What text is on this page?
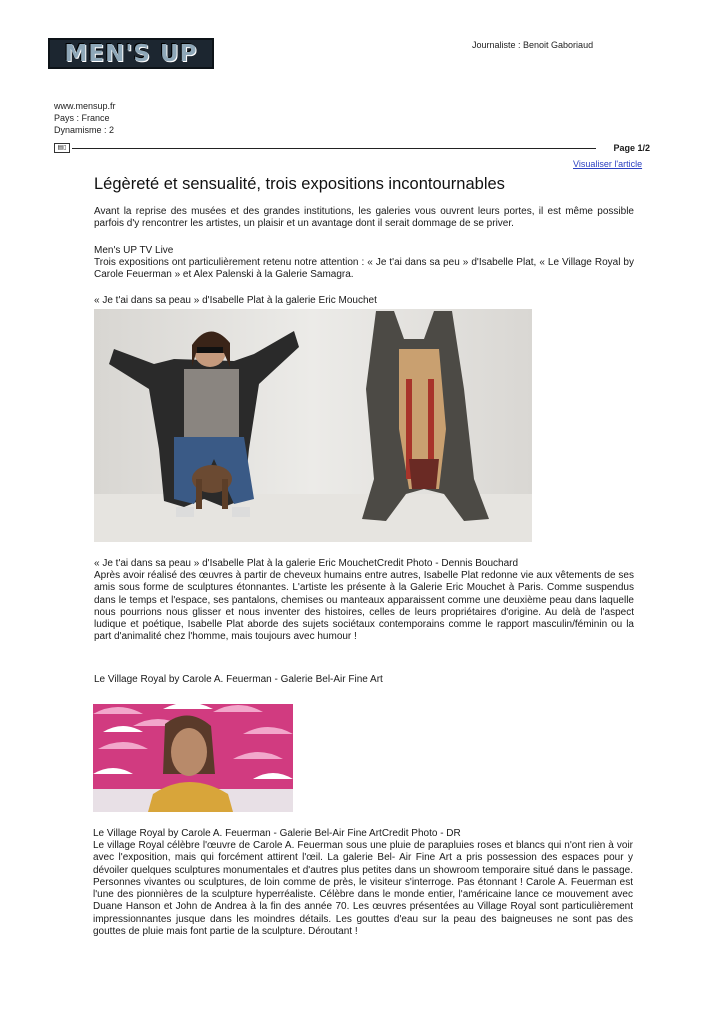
MEN'S UP	Journaliste : Benoit Gaboriaud
www.mensup.fr
Pays : France
Dynamisme : 2
▤▯	Page 1/2
Visualiser l'article
Légèreté et sensualité, trois expositions incontournables
Avant la reprise des musées et des grandes institutions, les galeries vous ouvrent leurs portes, il est même possible parfois d'y rencontrer les artistes, un plaisir et un avantage dont il serait dommage de se priver.
Men's UP TV Live
Trois expositions ont particulièrement retenu notre attention : « Je t'ai dans sa peu » d'Isabelle Plat, « Le Village Royal by Carole Feuerman » et Alex Palenski à la Galerie Samagra.
« Je t'ai dans sa peau » d'Isabelle Plat à la galerie Eric Mouchet
« Je t'ai dans sa peau » d'Isabelle Plat à la galerie Eric MouchetCredit Photo - Dennis Bouchard
Après avoir réalisé des œuvres à partir de cheveux humains entre autres, Isabelle Plat redonne vie aux vêtements de ses amis sous forme de sculptures étonnantes. L'artiste les présente à la Galerie Eric Mouchet à Paris. Comme suspendus dans le temps et l'espace, ses pantalons, chemises ou manteaux apparaissent comme une deuxième peau dans laquelle nous pourrions nous glisser et nous inventer des histoires, celles de leurs propriétaires d'origine. Au delà de l'aspect ludique et poétique, Isabelle Plat aborde des sujets sociétaux contemporains comme le rapport masculin/féminin ou la part d'animalité chez l'homme, mais toujours avec humour !
Le Village Royal by Carole A. Feuerman - Galerie Bel-Air Fine Art
Le Village Royal by Carole A. Feuerman - Galerie Bel-Air Fine ArtCredit Photo - DR
Le village Royal célèbre l'œuvre de Carole A. Feuerman sous une pluie de parapluies roses et blancs qui n'ont rien à voir avec l'exposition, mais qui forcément attirent l'œil. La galerie Bel- Air Fine Art a pris possession des espaces pour y dévoiler quelques sculptures monumentales et d'autres plus petites dans un showroom temporaire situé dans le passage. Personnes vivantes ou sculptures, de loin comme de près, le visiteur s'interroge. Pas étonnant ! Carole A. Feuerman est l'une des pionnières de la sculpture hyperréaliste. Célèbre dans le monde entier, l'américaine lance ce mouvement avec Duane Hanson et John de Andrea à la fin des année 70. Les œuvres présentées au Village Royal sont particulièrement impressionnantes jusque dans les moindres détails. Les gouttes d'eau sur la peau des baigneuses ne sont pas des gouttes de pluie mais font partie de la sculpture. Déroutant !
